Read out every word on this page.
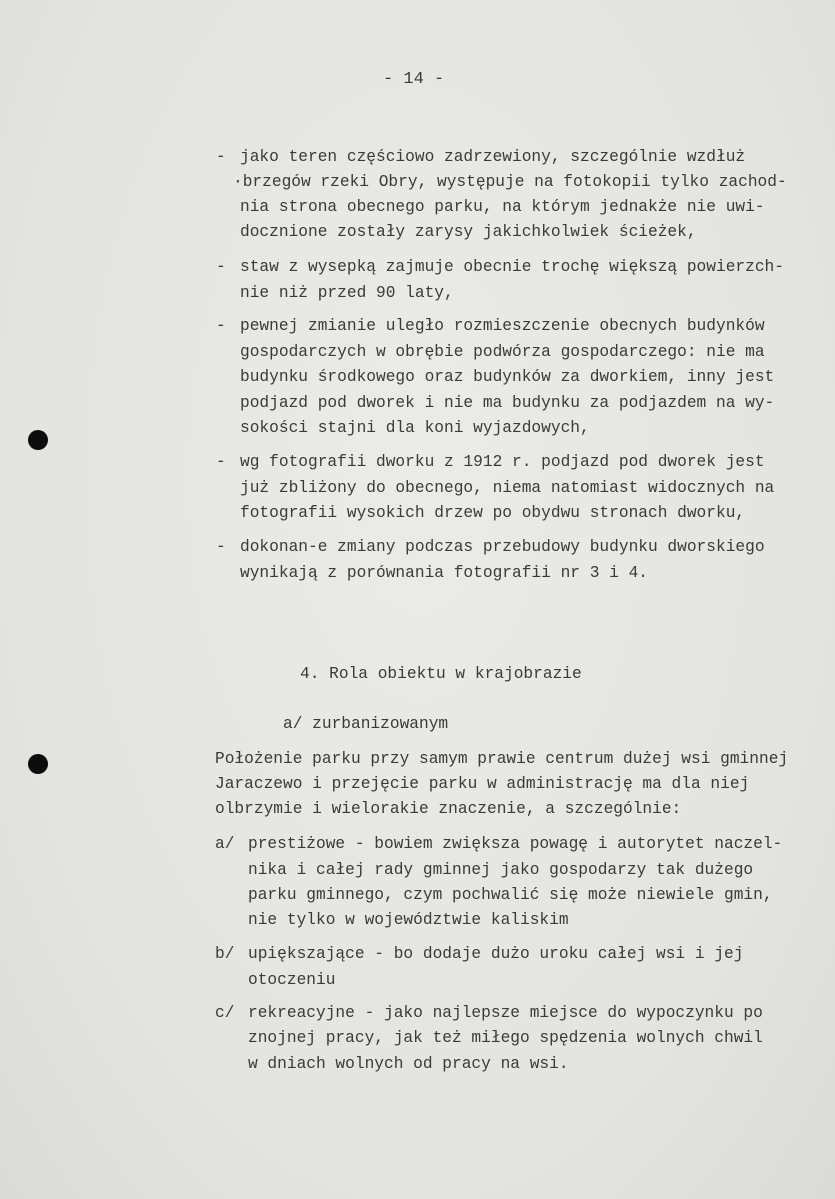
- 14 -
- jako teren częściowo zadrzewiony, szczególnie wzdłuż
·brzegów rzeki Obry, występuje na fotokopii tylko zachod-
nia strona obecnego parku, na którym jednakże nie uwi-
docznione zostały zarysy jakichkolwiek ścieżek,
- staw z wysepką zajmuje obecnie trochę większą powierzch-
nie niż przed 90 laty,
- pewnej zmianie uległo rozmieszczenie obecnych budynków
gospodarczych w obrębie podwórza gospodarczego: nie ma
budynku środkowego oraz budynków za dworkiem, inny jest
podjazd pod dworek i nie ma budynku za podjazdem na wy-
sokości stajni dla koni wyjazdowych,
- wg fotografii dworku z 1912 r. podjazd pod dworek jest
już zbliżony do obecnego, niema natomiast widocznych na
fotografii wysokich drzew po obydwu stronach dworku,
- dokonan-e zmiany podczas przebudowy budynku dworskiego
wynikają z porównania fotografii nr 3 i 4.
4. Rola obiektu w krajobrazie
a/ zurbanizowanym
Położenie parku przy samym prawie centrum dużej wsi gminnej
Jaraczewo i przejęcie parku w administrację ma dla niej
olbrzymie i wielorakie znaczenie, a szczególnie:
a/ prestiżowe - bowiem zwiększa powagę i autorytet naczel-
nika i całej rady gminnej jako gospodarzy tak dużego
parku gminnego, czym pochwalić się może niewiele gmin,
nie tylko w województwie kaliskim
b/ upiększające - bo dodaje dużo uroku całej wsi i jej
otoczeniu
c/ rekreacyjne - jako najlepsze miejsce do wypoczynku po
znojnej pracy, jak też miłego spędzenia wolnych chwil
w dniach wolnych od pracy na wsi.
